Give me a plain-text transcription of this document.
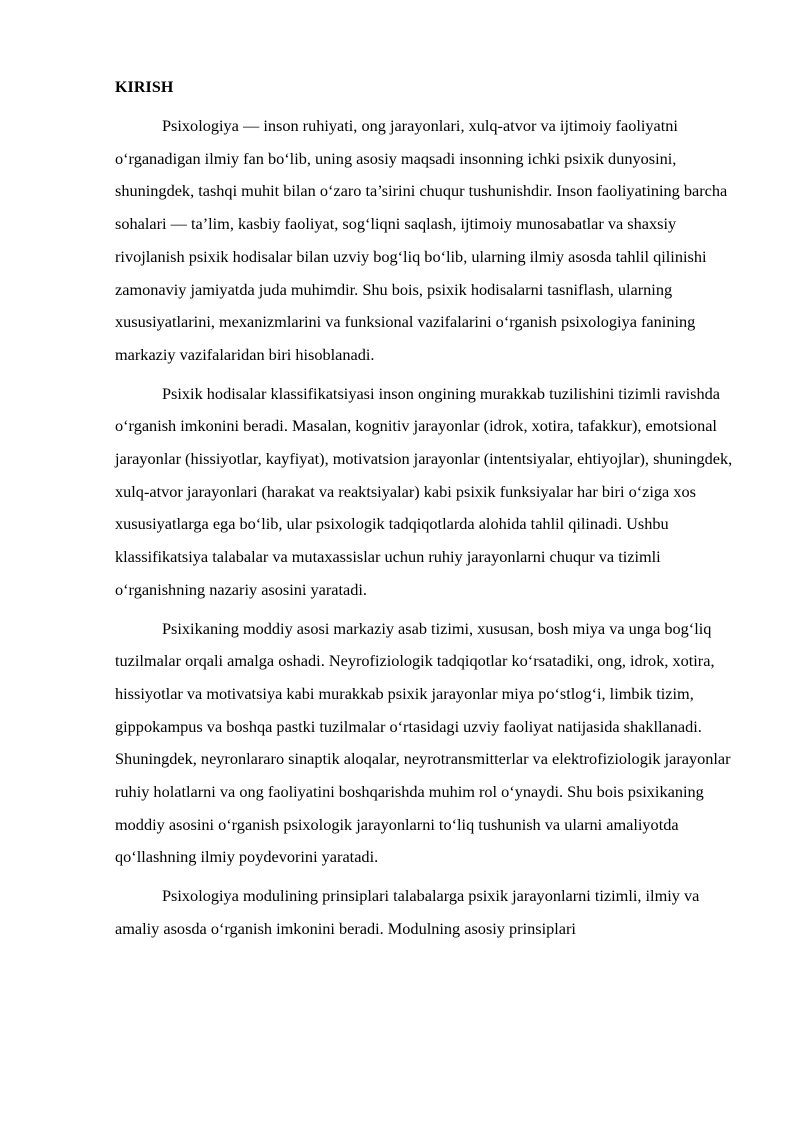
KIRISH

Psixologiya — inson ruhiyati, ong jarayonlari, xulq-atvor va ijtimoiy faoliyatni o‘rganadigan ilmiy fan bo‘lib, uning asosiy maqsadi insonning ichki psixik dunyosini, shuningdek, tashqi muhit bilan o‘zaro ta’sirini chuqur tushunishdir. Inson faoliyatining barcha sohalari — ta’lim, kasbiy faoliyat, sog‘liqni saqlash, ijtimoiy munosabatlar va shaxsiy rivojlanish psixik hodisalar bilan uzviy bog‘liq bo‘lib, ularning ilmiy asosda tahlil qilinishi zamonaviy jamiyatda juda muhimdir. Shu bois, psixik hodisalarni tasniflash, ularning xususiyatlarini, mexanizmlarini va funksional vazifalarini o‘rganish psixologiya fanining markaziy vazifalaridan biri hisoblanadi.

Psixik hodisalar klassifikatsiyasi inson ongining murakkab tuzilishini tizimli ravishda o‘rganish imkonini beradi. Masalan, kognitiv jarayonlar (idrok, xotira, tafakkur), emotsional jarayonlar (hissiyotlar, kayfiyat), motivatsion jarayonlar (intentsiyalar, ehtiyojlar), shuningdek, xulq-atvor jarayonlari (harakat va reaktsiyalar) kabi psixik funksiyalar har biri o‘ziga xos xususiyatlarga ega bo‘lib, ular psixologik tadqiqotlarda alohida tahlil qilinadi. Ushbu klassifikatsiya talabalar va mutaxassislar uchun ruhiy jarayonlarni chuqur va tizimli o‘rganishning nazariy asosini yaratadi.

Psixikaning moddiy asosi markaziy asab tizimi, xususan, bosh miya va unga bog‘liq tuzilmalar orqali amalga oshadi. Neyrofiziologik tadqiqotlar ko‘rsatadiki, ong, idrok, xotira, hissiyotlar va motivatsiya kabi murakkab psixik jarayonlar miya po‘stlog‘i, limbik tizim, gippokampus va boshqa pastki tuzilmalar o‘rtasidagi uzviy faoliyat natijasida shakllanadi. Shuningdek, neyronlararo sinaptik aloqalar, neyrotransmitterlar va elektrofiziologik jarayonlar ruhiy holatlarni va ong faoliyatini boshqarishda muhim rol o‘ynaydi. Shu bois psixikaning moddiy asosini o‘rganish psixologik jarayonlarni to‘liq tushunish va ularni amaliyotda qo‘llashning ilmiy poydevorini yaratadi.

Psixologiya modulining prinsiplari talabalarga psixik jarayonlarni tizimli, ilmiy va amaliy asosda o‘rganish imkonini beradi. Modulning asosiy prinsiplari
